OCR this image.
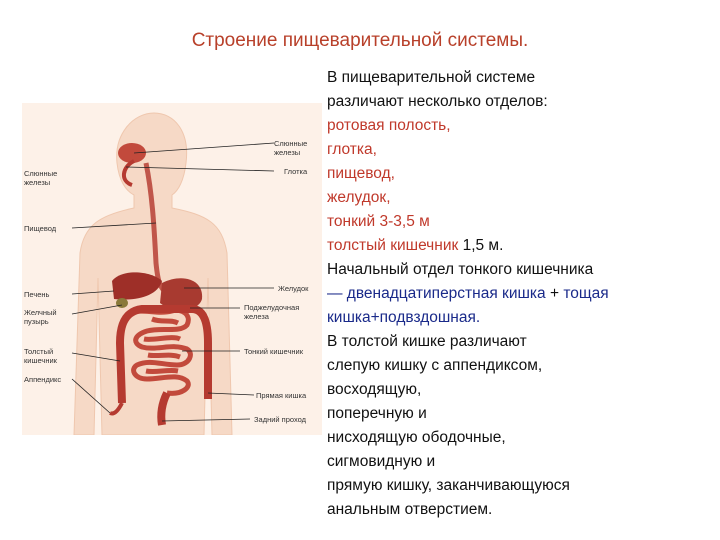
Строение пищеварительной системы.
Слюнные
железы
Слюнные
железы
Глотка
Пищевод
Желудок
Печень
Поджелудочная
железа
Желчный
пузырь
Тонкий кишечник
Толстый
кишечник
Аппендикс
Прямая кишка
Задний проход
В пищеварительной системе
различают несколько отделов:
ротовая полость,
глотка,
пищевод,
желудок,
тонкий 3-3,5 м
толстый кишечник 1,5 м.
Начальный отдел тонкого кишечника
— двенадцатиперстная кишка + тощая
кишка+подвздошная.
В толстой кишке различают
слепую кишку с аппендиксом,
восходящую,
поперечную и
нисходящую ободочные,
сигмовидную и
прямую кишку, заканчивающуюся
анальным отверстием.
